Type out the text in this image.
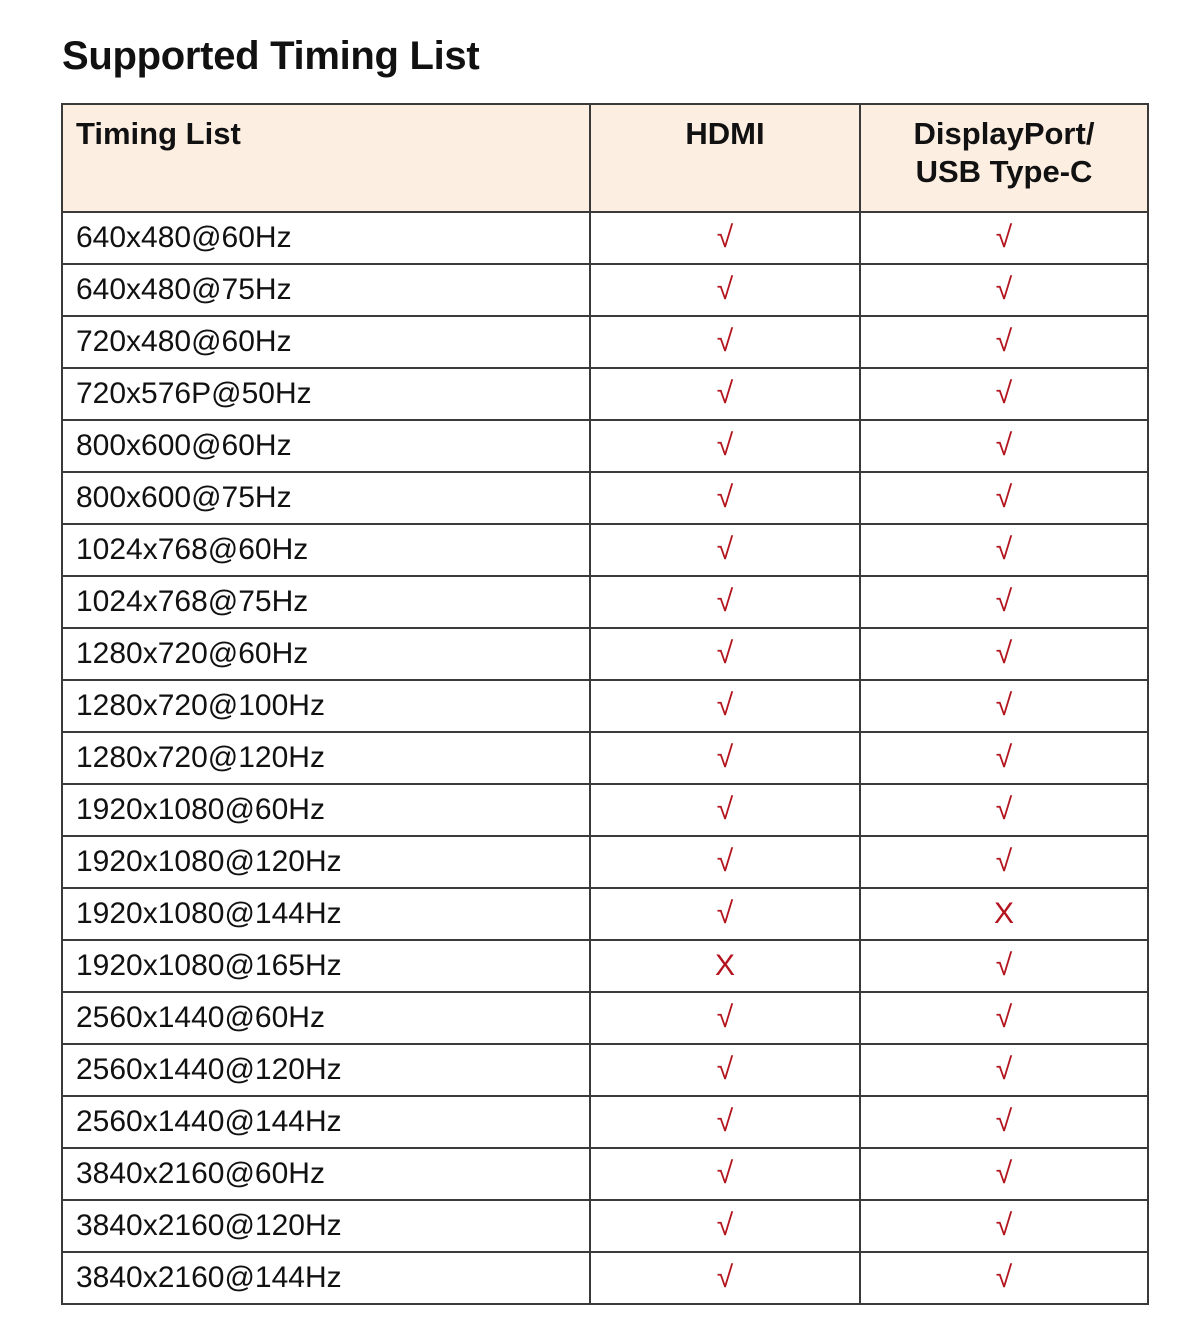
Supported Timing List
Timing List	HDMI	DisplayPort/
USB Type-C
640x480@60Hz	√	√
640x480@75Hz	√	√
720x480@60Hz	√	√
720x576P@50Hz	√	√
800x600@60Hz	√	√
800x600@75Hz	√	√
1024x768@60Hz	√	√
1024x768@75Hz	√	√
1280x720@60Hz	√	√
1280x720@100Hz	√	√
1280x720@120Hz	√	√
1920x1080@60Hz	√	√
1920x1080@120Hz	√	√
1920x1080@144Hz	√	X
1920x1080@165Hz	X	√
2560x1440@60Hz	√	√
2560x1440@120Hz	√	√
2560x1440@144Hz	√	√
3840x2160@60Hz	√	√
3840x2160@120Hz	√	√
3840x2160@144Hz	√	√
